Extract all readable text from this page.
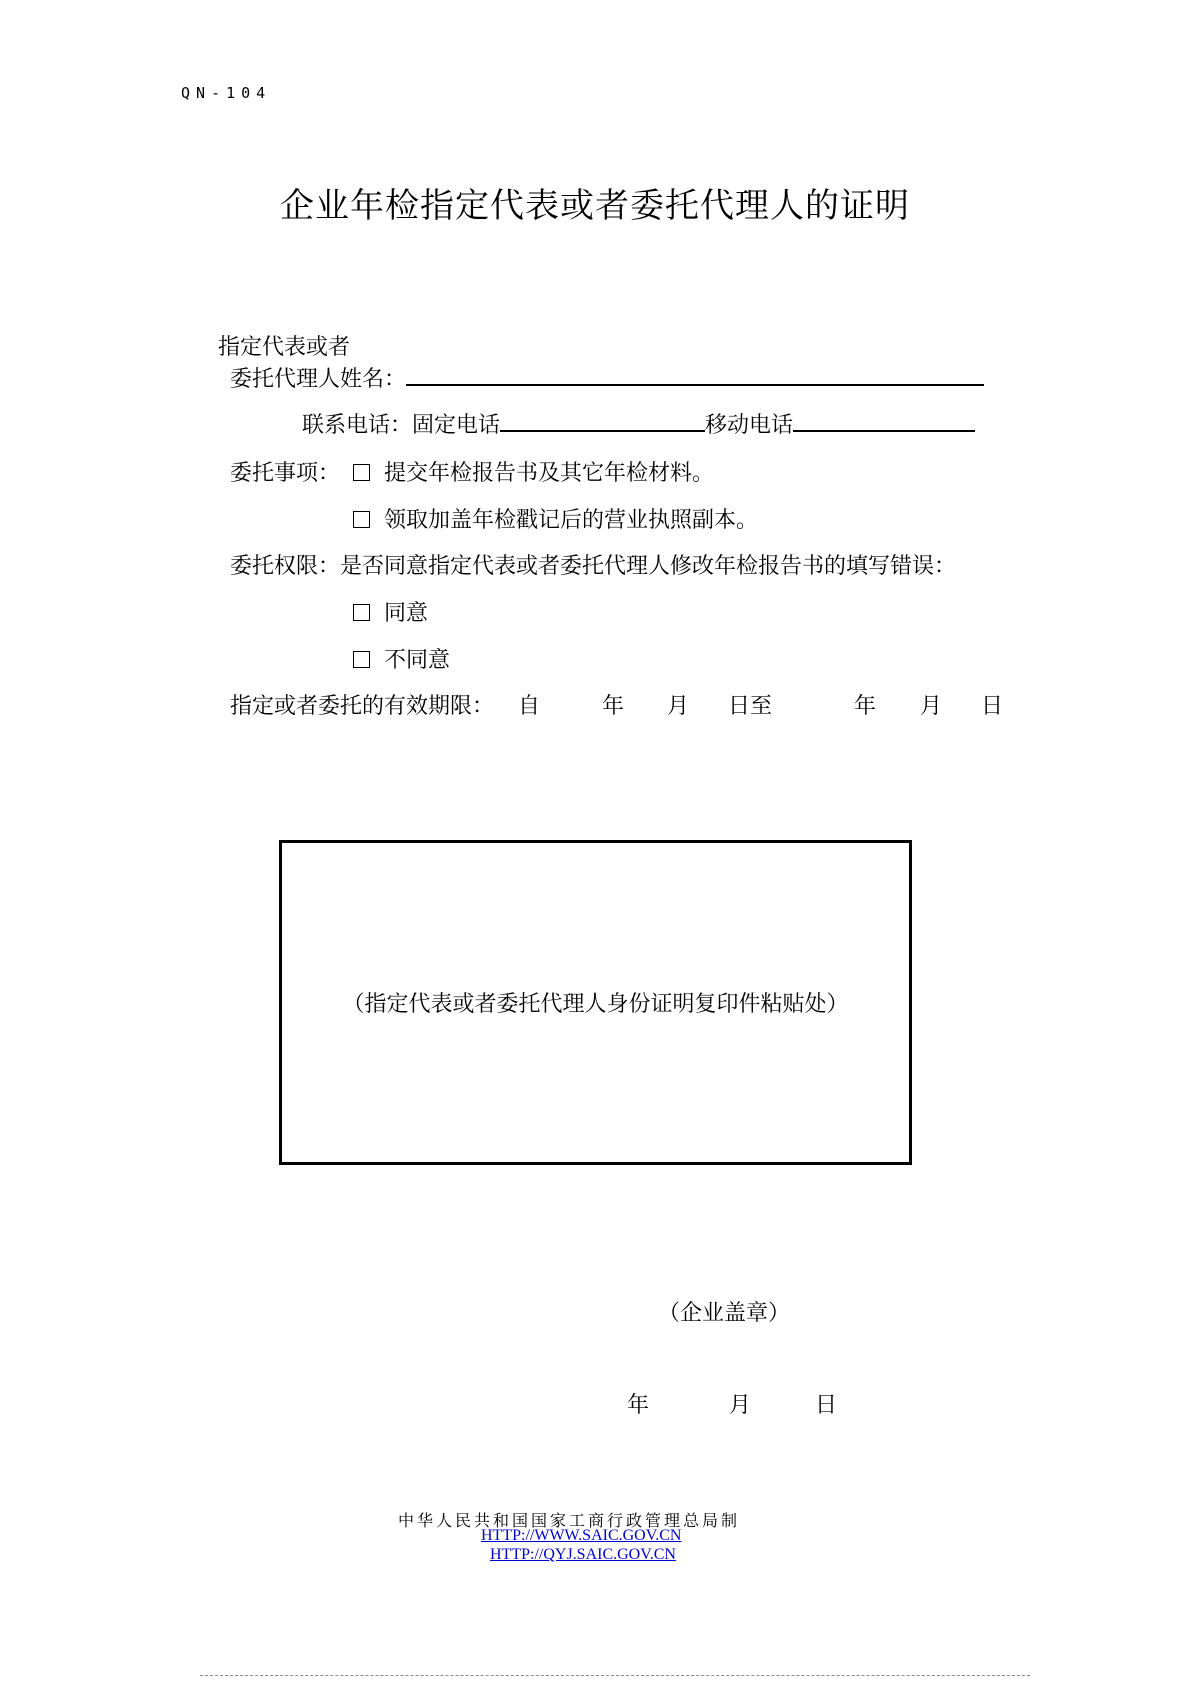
QN-104
企业年检指定代表或者委托代理人的证明
指定代表或者
委托代理人姓名：
联系电话：固定电话	移动电话
委托事项：	提交年检报告书及其它年检材料。
领取加盖年检戳记后的营业执照副本。
委托权限：是否同意指定代表或者委托代理人修改年检报告书的填写错误：
同意
不同意
指定或者委托的有效期限： 自	年 月 日至	年 月 日
（指定代表或者委托代理人身份证明复印件粘贴处）
（企业盖章）
年	月	日
中华人民共和国国家工商行政管理总局制
HTTP://WWW.SAIC.GOV.CN
HTTP://QYJ.SAIC.GOV.CN
